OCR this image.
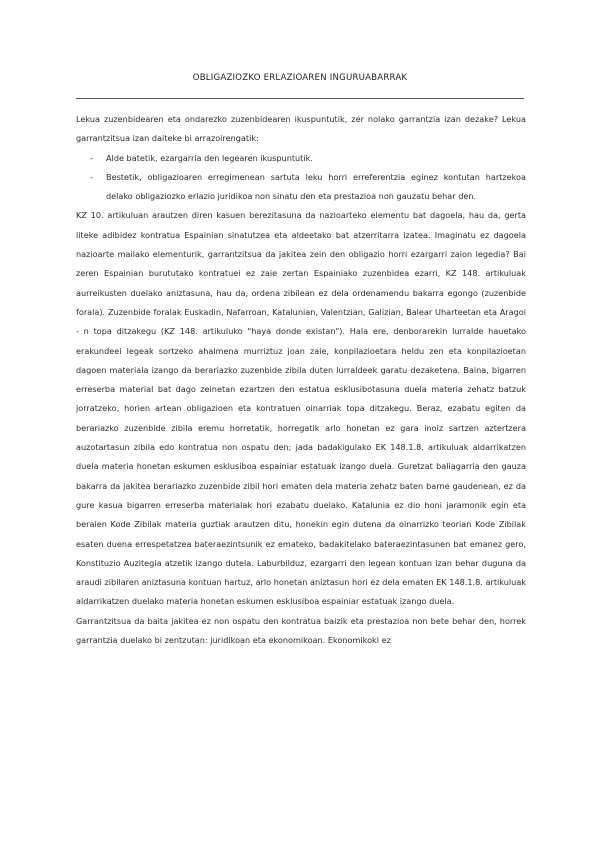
OBLIGAZIOZKO ERLAZIOAREN INGURUABARRAK

Lekua zuzenbidearen eta ondarezko zuzenbidearen ikuspuntutik, zer nolako garrantzia izan dezake? Lekua garrantzitsua izan daiteke bi arrazoirengatik:

- Alde batetik, ezargarria den legearen ikuspuntutik.
- Bestetik, obligazioaren erregimenean sartuta leku horri erreferentzia eginez kontutan hartzekoa delako obligaziozko erlazio juridikoa non sinatu den eta prestazioa non gauzatu behar den.

KZ 10. artikuluan arautzen diren kasuen berezitasuna da nazioarteko elementu bat dagoela, hau da, gerta liteke adibidez kontratua Espainian sinatutzea eta aldeetako bat atzerritarra izatea. Imaginatu ez dagoela nazioarte mailako elementurik, garrantzitsua da jakitea zein den obligazio horri ezargarri zaion legedia? Bai zeren Espainian burututako kontratuei ez zaie zertan Espainiako zuzenbidea ezarri, KZ 148. artikuluak aurreikusten duelako aniztasuna, hau da, ordena zibilean ez dela ordenamendu bakarra egongo (zuzenbide forala). Zuzenbide foralak Euskadin, Nafarroan, Katalunian, Valentzian, Galizian, Balear Uharteetan eta Aragoi - n topa ditzakegu (KZ 148. artikuluko "haya donde existan"). Hala ere, denborarekin lurralde hauetako erakundeei legeak sortzeko ahalmena murriztuz joan zaie, konpilazioetara heldu zen eta konpilazioetan dagoen materiala izango da berariazko zuzenbide zibila duten lurraldeek garatu dezaketena. Baina, bigarren erreserba material bat dago zeinetan ezartzen den estatua esklusibotasuna duela materia zehatz batzuk jorratzeko, horien artean obligazioen eta kontratuen oinarriak topa ditzakegu. Beraz, ezabatu egiten da berariazko zuzenbide zibila eremu horretatik, horregatik arlo honetan ez gara inoiz sartzen aztertzera auzotartasun zibila edo kontratua non ospatu den; jada badakigulako EK 148.1.8. artikuluak aldarrikatzen duela materia honetan eskumen esklusiboa espainiar estatuak izango duela. Guretzat baliagarria den gauza bakarra da jakitea berariazko zuzenbide zibil hori ematen dela materia zehatz baten barne gaudenean, ez da gure kasua bigarren erreserba materialak hori ezabatu duelako. Katalunia ez dio honi jaramonik egin eta beraien Kode Zibilak materia guztiak arautzen ditu, honekin egin dutena da oinarrizko teorian Kode Zibilak esaten duena errespetatzea bateraezintsunik ez emateko, badakitelako bateraezintasunen bat emanez gero, Konstituzio Auzitegia atzetik izango dutela. Laburbilduz, ezargarri den legean kontuan izan behar duguna da araudi zibilaren aniztasuna kontuan hartuz, arlo honetan aniztasun hori ez dela ematen EK 148.1.8. artikuluak aldarrikatzen duelako materia honetan eskumen esklusiboa espainiar estatuak izango duela.

Garrantzitsua da baita jakitea ez non ospatu den kontratua baizik eta prestazioa non bete behar den, horrek garrantzia duelako bi zentzutan: juridikoan eta ekonomikoan. Ekonomikoki ez
